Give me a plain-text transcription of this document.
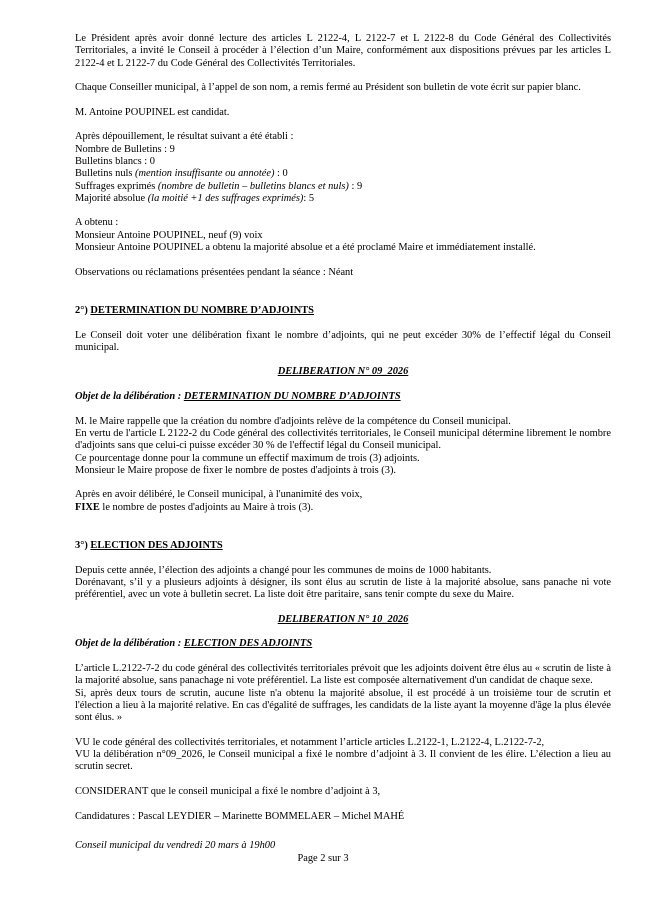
Le Président après avoir donné lecture des articles L 2122-4, L 2122-7 et L 2122-8 du Code Général des Collectivités Territoriales, a invité le Conseil à procéder à l’élection d’un Maire, conformément aux dispositions prévues par les articles L 2122-4 et L 2122-7 du Code Général des Collectivités Territoriales.

Chaque Conseiller municipal, à l’appel de son nom, a remis fermé au Président son bulletin de vote écrit sur papier blanc.

M. Antoine POUPINEL est candidat.

Après dépouillement, le résultat suivant a été établi :
Nombre de Bulletins : 9
Bulletins blancs : 0
Bulletins nuls (mention insuffisante ou annotée) : 0
Suffrages exprimés (nombre de bulletin – bulletins blancs et nuls) : 9
Majorité absolue (la moitié +1 des suffrages exprimés): 5

A obtenu :
Monsieur Antoine POUPINEL, neuf (9) voix
Monsieur Antoine POUPINEL a obtenu la majorité absolue et a été proclamé Maire et immédiatement installé.

Observations ou réclamations présentées pendant la séance : Néant

2°) DETERMINATION DU NOMBRE D’ADJOINTS

Le Conseil doit voter une délibération fixant le nombre d’adjoints, qui ne peut excéder 30% de l’effectif légal du Conseil municipal.

DELIBERATION N° 09_2026

Objet de la délibération : DETERMINATION DU NOMBRE D’ADJOINTS

M. le Maire rappelle que la création du nombre d'adjoints relève de la compétence du Conseil municipal.
En vertu de l'article L 2122-2 du Code général des collectivités territoriales, le Conseil municipal détermine librement le nombre d'adjoints sans que celui-ci puisse excéder 30 % de l'effectif légal du Conseil municipal.
Ce pourcentage donne pour la commune un effectif maximum de trois (3) adjoints.
Monsieur le Maire propose de fixer le nombre de postes d'adjoints à trois (3).

Après en avoir délibéré, le Conseil municipal, à l'unanimité des voix,
FIXE le nombre de postes d'adjoints au Maire à trois (3).

3°) ELECTION DES ADJOINTS

Depuis cette année, l’élection des adjoints a changé pour les communes de moins de 1000 habitants.
Dorénavant, s’il y a plusieurs adjoints à désigner, ils sont élus au scrutin de liste à la majorité absolue, sans panache ni vote préférentiel, avec un vote à bulletin secret. La liste doit être paritaire, sans tenir compte du sexe du Maire.

DELIBERATION N° 10_2026

Objet de la délibération : ELECTION DES ADJOINTS

L’article L.2122-7-2 du code général des collectivités territoriales prévoit que les adjoints doivent être élus au « scrutin de liste à la majorité absolue, sans panachage ni vote préférentiel. La liste est composée alternativement d'un candidat de chaque sexe.
Si, après deux tours de scrutin, aucune liste n'a obtenu la majorité absolue, il est procédé à un troisième tour de scrutin et l'élection a lieu à la majorité relative. En cas d'égalité de suffrages, les candidats de la liste ayant la moyenne d'âge la plus élevée sont élus. »

VU le code général des collectivités territoriales, et notamment l’article articles L.2122-1, L.2122-4, L.2122-7-2,
VU la délibération n°09_2026, le Conseil municipal a fixé le nombre d’adjoint à 3. Il convient de les élire. L’élection a lieu au scrutin secret.

CONSIDERANT que le conseil municipal a fixé le nombre d’adjoint à 3,

Candidatures : Pascal LEYDIER – Marinette BOMMELAER – Michel MAHÉ

Conseil municipal du vendredi 20 mars à 19h00

Page 2 sur 3
